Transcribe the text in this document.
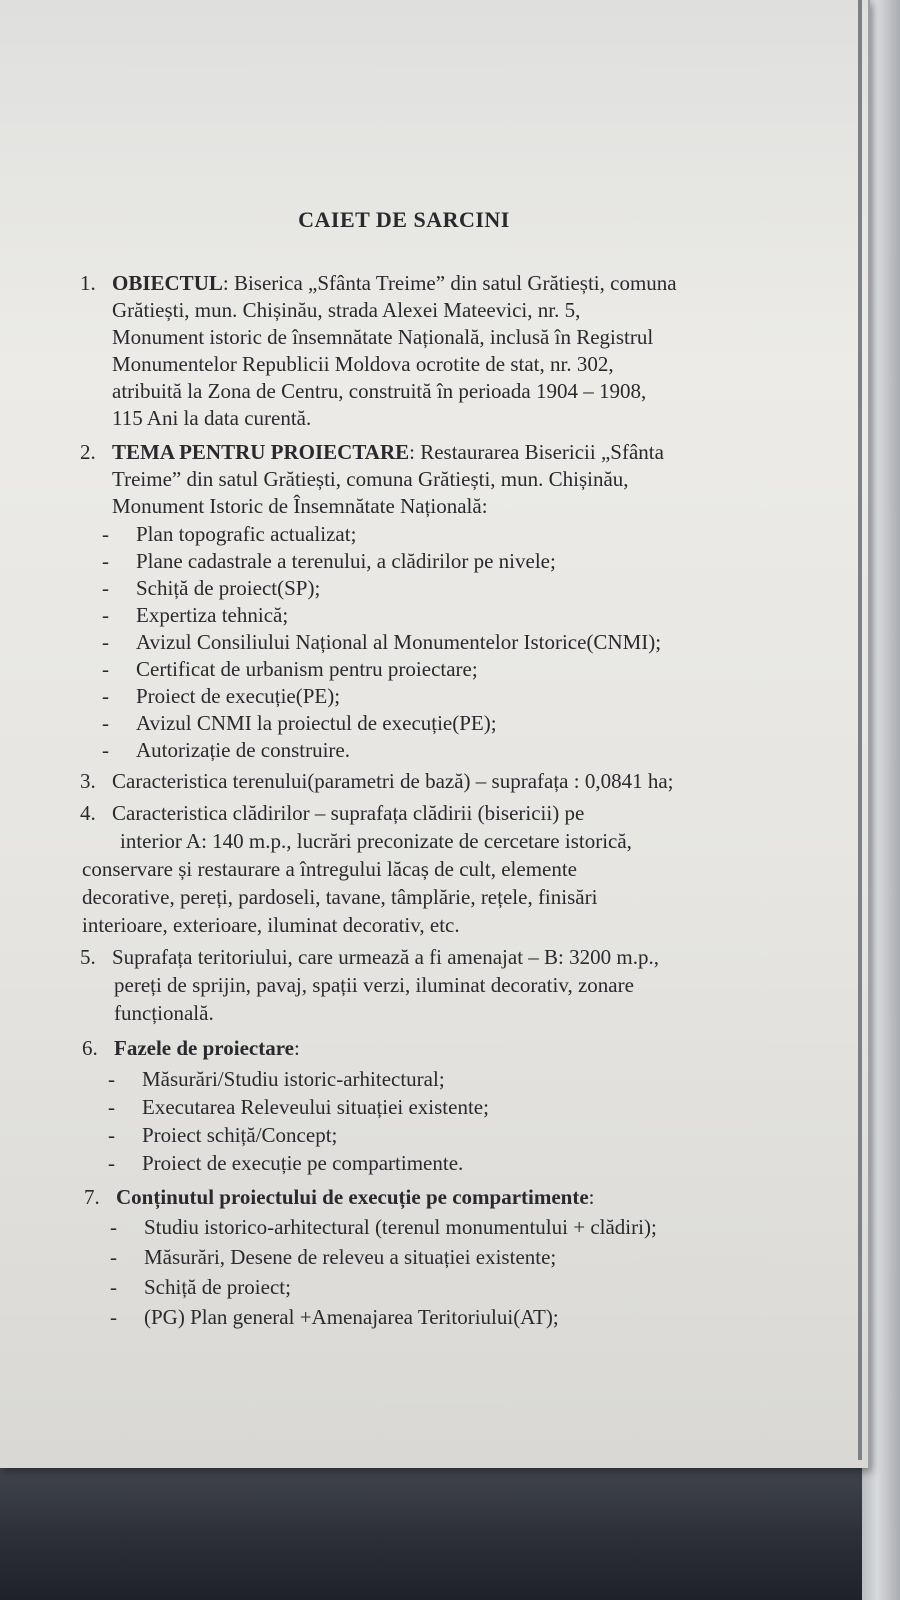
CAIET DE SARCINI
1. OBIECTUL: Biserica „Sfânta Treime” din satul Grătiești, comuna
Grătiești, mun. Chișinău, strada Alexei Mateevici, nr. 5,
Monument istoric de însemnătate Națională, inclusă în Registrul
Monumentelor Republicii Moldova ocrotite de stat, nr. 302,
atribuită la Zona de Centru, construită în perioada 1904 – 1908,
115 Ani la data curentă.
2. TEMA PENTRU PROIECTARE: Restaurarea Bisericii „Sfânta
Treime” din satul Grătiești, comuna Grătiești, mun. Chișinău,
Monument Istoric de Însemnătate Națională:
- Plan topografic actualizat;
- Plane cadastrale a terenului, a clădirilor pe nivele;
- Schiță de proiect(SP);
- Expertiza tehnică;
- Avizul Consiliului Național al Monumentelor Istorice(CNMI);
- Certificat de urbanism pentru proiectare;
- Proiect de execuție(PE);
- Avizul CNMI la proiectul de execuție(PE);
- Autorizație de construire.
3. Caracteristica terenului(parametri de bază) – suprafața : 0,0841 ha;
4. Caracteristica clădirilor – suprafața clădirii (bisericii) pe
interior A: 140 m.p., lucrări preconizate de cercetare istorică,
conservare și restaurare a întregului lăcaș de cult, elemente
decorative, pereți, pardoseli, tavane, tâmplărie, rețele, finisări
interioare, exterioare, iluminat decorativ, etc.
5. Suprafața teritoriului, care urmează a fi amenajat – B: 3200 m.p.,
pereți de sprijin, pavaj, spații verzi, iluminat decorativ, zonare
funcțională.
6. Fazele de proiectare:
- Măsurări/Studiu istoric-arhitectural;
- Executarea Releveului situației existente;
- Proiect schiță/Concept;
- Proiect de execuție pe compartimente.
7. Conținutul proiectului de execuție pe compartimente:
- Studiu istorico-arhitectural (terenul monumentului + clădiri);
- Măsurări, Desene de releveu a situației existente;
- Schiță de proiect;
- (PG) Plan general +Amenajarea Teritoriului(AT);
